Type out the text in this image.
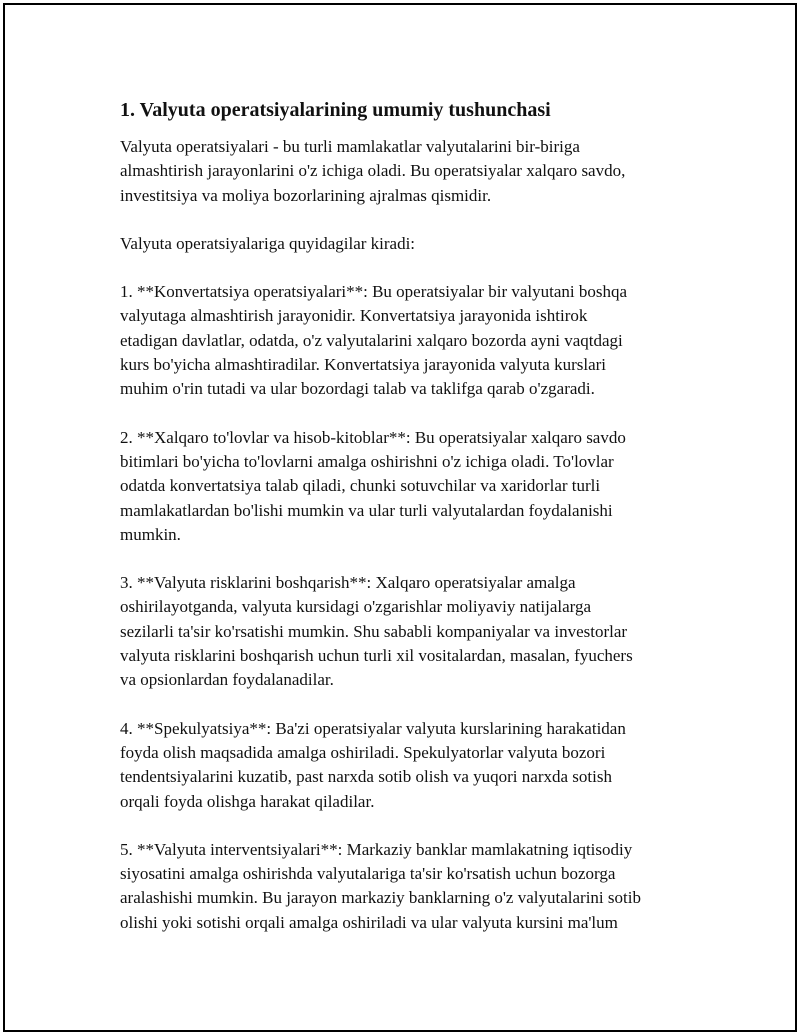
1. Valyuta operatsiyalarining umumiy tushunchasi

Valyuta operatsiyalari - bu turli mamlakatlar valyutalarini bir-biriga
almashtirish jarayonlarini o'z ichiga oladi. Bu operatsiyalar xalqaro savdo,
investitsiya va moliya bozorlarining ajralmas qismidir.

Valyuta operatsiyalariga quyidagilar kiradi:

1. **Konvertatsiya operatsiyalari**: Bu operatsiyalar bir valyutani boshqa
valyutaga almashtirish jarayonidir. Konvertatsiya jarayonida ishtirok
etadigan davlatlar, odatda, o'z valyutalarini xalqaro bozorda ayni vaqtdagi
kurs bo'yicha almashtiradilar. Konvertatsiya jarayonida valyuta kurslari
muhim o'rin tutadi va ular bozordagi talab va taklifga qarab o'zgaradi.

2. **Xalqaro to'lovlar va hisob-kitoblar**: Bu operatsiyalar xalqaro savdo
bitimlari bo'yicha to'lovlarni amalga oshirishni o'z ichiga oladi. To'lovlar
odatda konvertatsiya talab qiladi, chunki sotuvchilar va xaridorlar turli
mamlakatlardan bo'lishi mumkin va ular turli valyutalardan foydalanishi
mumkin.

3. **Valyuta risklarini boshqarish**: Xalqaro operatsiyalar amalga
oshirilayotganda, valyuta kursidagi o'zgarishlar moliyaviy natijalarga
sezilarli ta'sir ko'rsatishi mumkin. Shu sababli kompaniyalar va investorlar
valyuta risklarini boshqarish uchun turli xil vositalardan, masalan, fyuchers
va opsionlardan foydalanadilar.

4. **Spekulyatsiya**: Ba'zi operatsiyalar valyuta kurslarining harakatidan
foyda olish maqsadida amalga oshiriladi. Spekulyatorlar valyuta bozori
tendentsiyalarini kuzatib, past narxda sotib olish va yuqori narxda sotish
orqali foyda olishga harakat qiladilar.

5. **Valyuta interventsiyalari**: Markaziy banklar mamlakatning iqtisodiy
siyosatini amalga oshirishda valyutalariga ta'sir ko'rsatish uchun bozorga
aralashishi mumkin. Bu jarayon markaziy banklarning o'z valyutalarini sotib
olishi yoki sotishi orqali amalga oshiriladi va ular valyuta kursini ma'lum
